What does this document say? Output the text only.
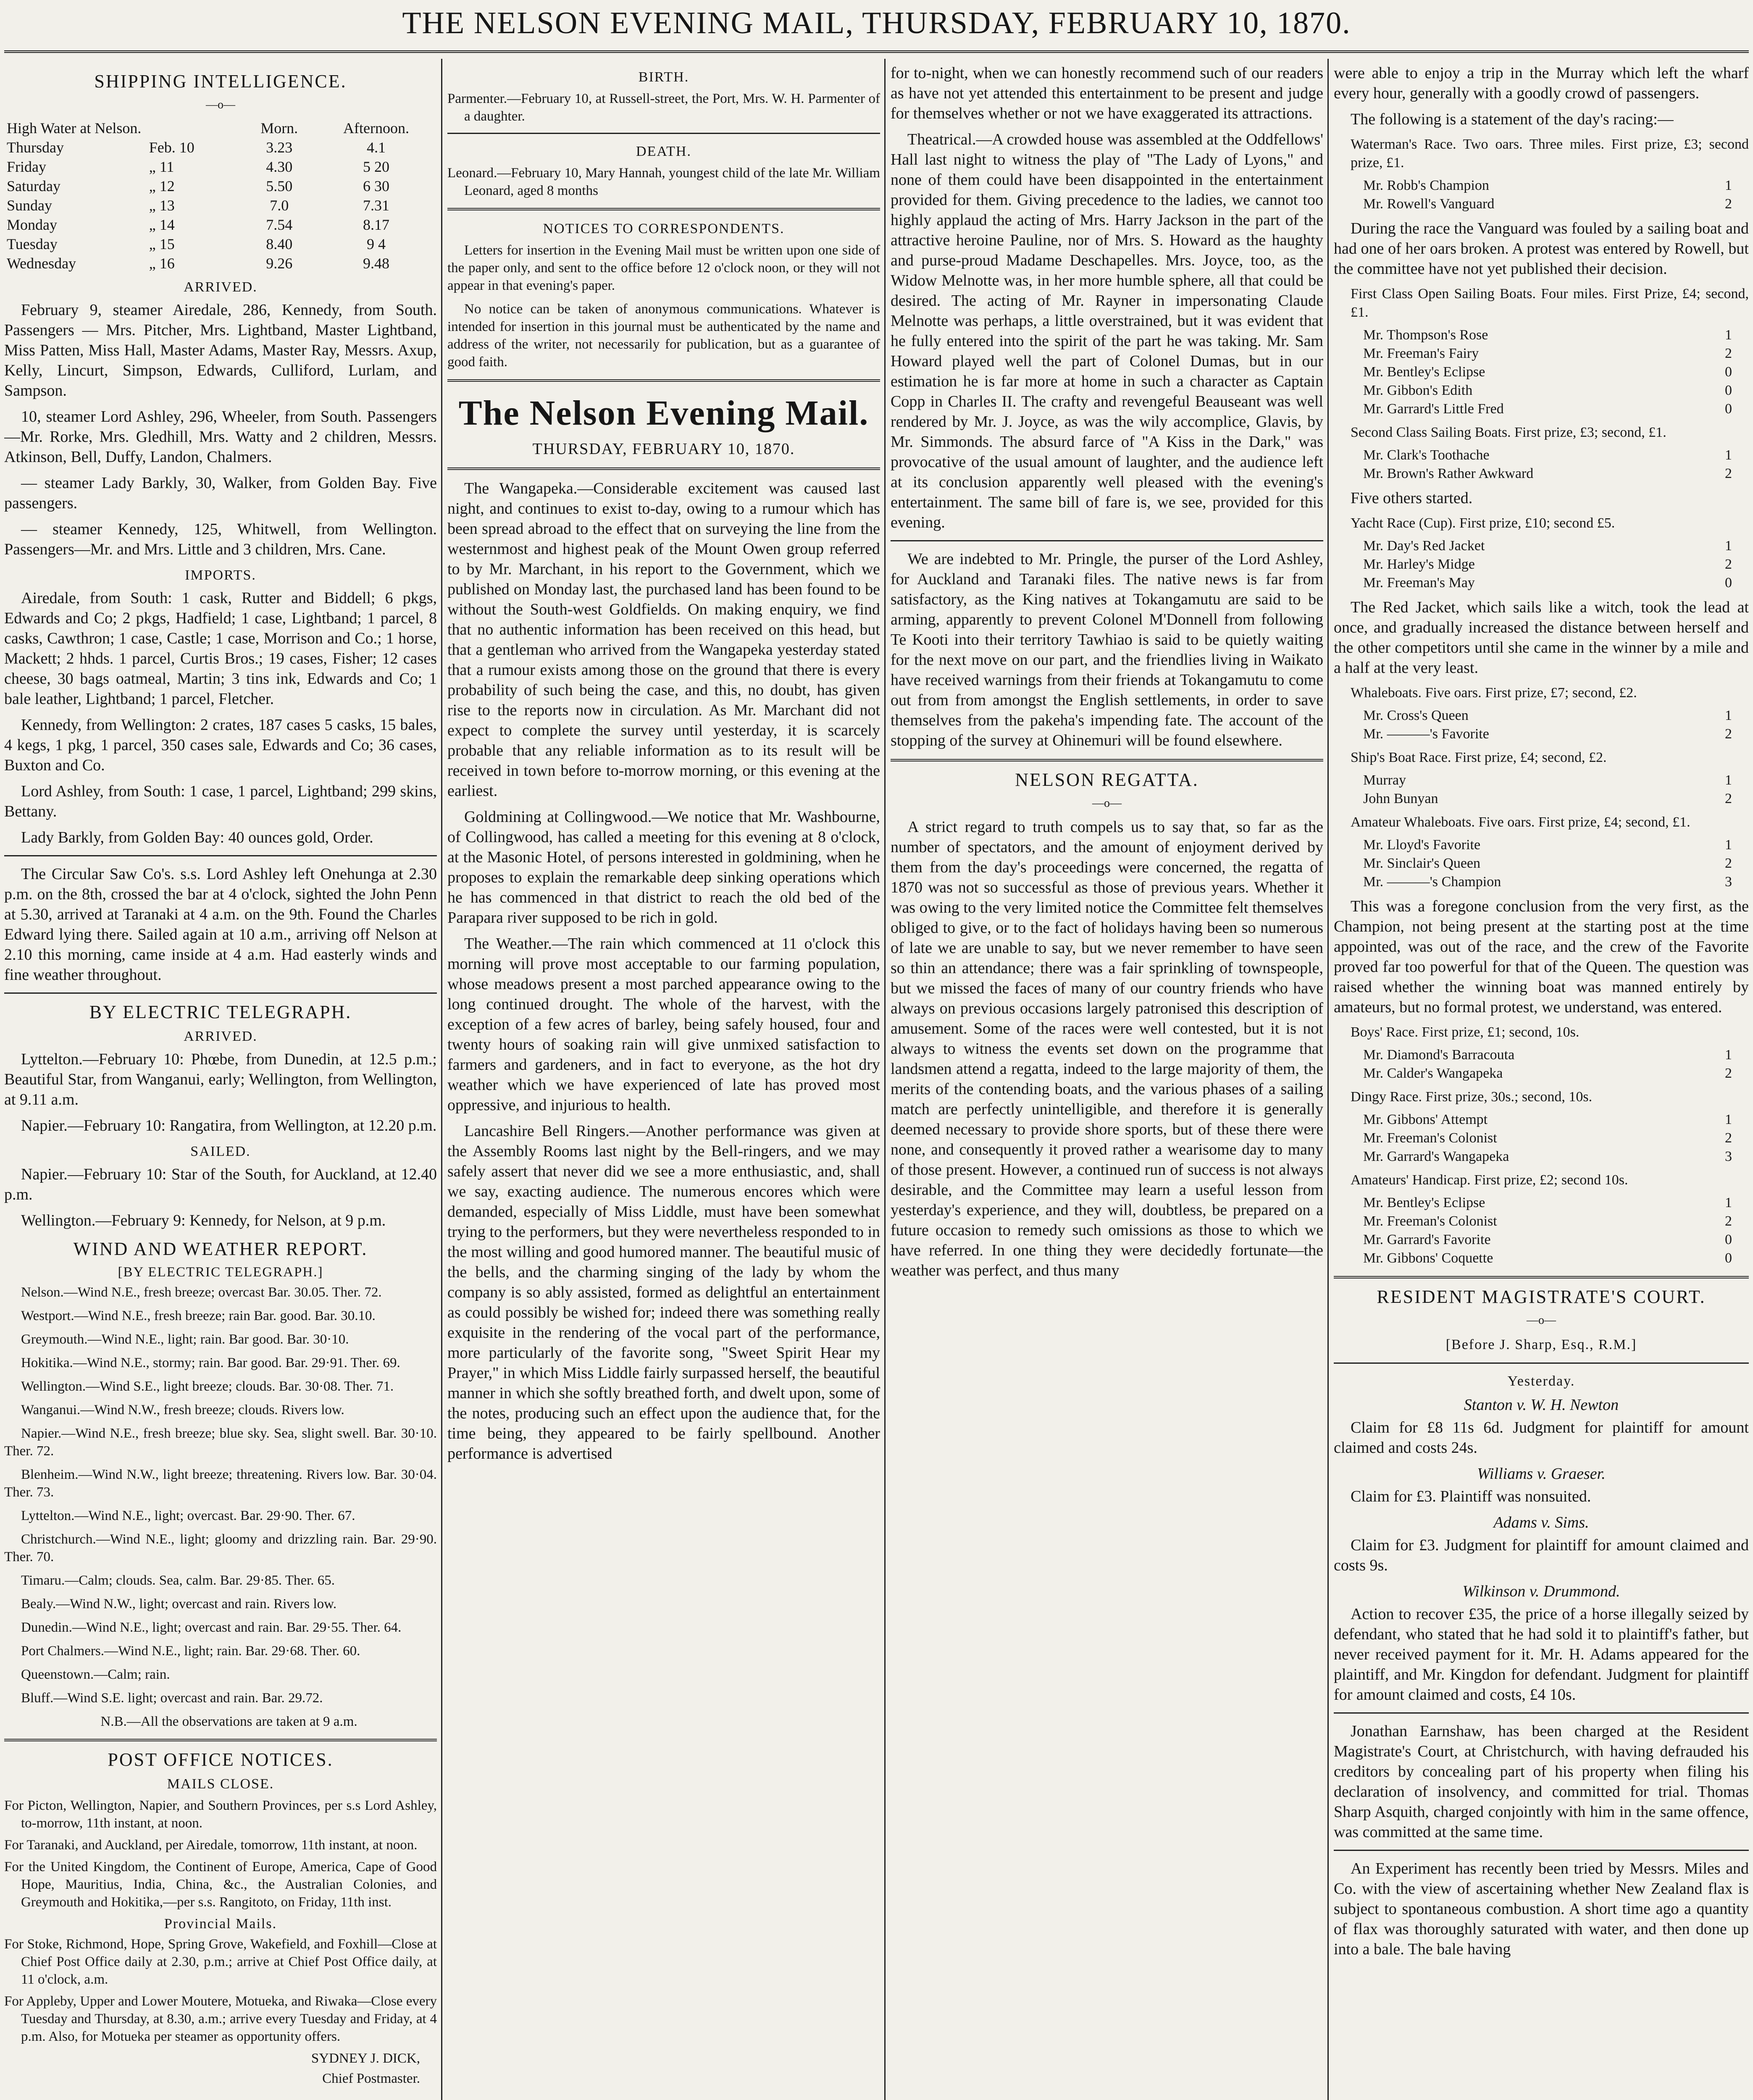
THE NELSON EVENING MAIL, THURSDAY, FEBRUARY 10, 1870.
SHIPPING INTELLIGENCE.
—o—
High Water at Nelson.		Morn.	Afternoon.
Thursday	Feb. 10	3.23	4.1
Friday	„ 11	4.30	5 20
Saturday	„ 12	5.50	6 30
Sunday	„ 13	7.0	7.31
Monday	„ 14	7.54	8.17
Tuesday	„ 15	8.40	9 4
Wednesday	„ 16	9.26	9.48
ARRIVED.

February 9, steamer Airedale, 286, Kennedy, from South. Passengers — Mrs. Pitcher, Mrs. Lightband, Master Lightband, Miss Patten, Miss Hall, Master Adams, Master Ray, Messrs. Axup, Kelly, Lincurt, Simpson, Edwards, Culliford, Lurlam, and Sampson.

10, steamer Lord Ashley, 296, Wheeler, from South. Passengers—Mr. Rorke, Mrs. Gledhill, Mrs. Watty and 2 children, Messrs. Atkinson, Bell, Duffy, Landon, Chalmers.

— steamer Lady Barkly, 30, Walker, from Golden Bay. Five passengers.

— steamer Kennedy, 125, Whitwell, from Wellington. Passengers—Mr. and Mrs. Little and 3 children, Mrs. Cane.

IMPORTS.

Airedale, from South: 1 cask, Rutter and Biddell; 6 pkgs, Edwards and Co; 2 pkgs, Hadfield; 1 case, Lightband; 1 parcel, 8 casks, Cawthron; 1 case, Castle; 1 case, Morrison and Co.; 1 horse, Mackett; 2 hhds. 1 parcel, Curtis Bros.; 19 cases, Fisher; 12 cases cheese, 30 bags oatmeal, Martin; 3 tins ink, Edwards and Co; 1 bale leather, Lightband; 1 parcel, Fletcher.

Kennedy, from Wellington: 2 crates, 187 cases 5 casks, 15 bales, 4 kegs, 1 pkg, 1 parcel, 350 cases sale, Edwards and Co; 36 cases, Buxton and Co.

Lord Ashley, from South: 1 case, 1 parcel, Lightband; 299 skins, Bettany.

Lady Barkly, from Golden Bay: 40 ounces gold, Order.

The Circular Saw Co's. s.s. Lord Ashley left Onehunga at 2.30 p.m. on the 8th, crossed the bar at 4 o'clock, sighted the John Penn at 5.30, arrived at Taranaki at 4 a.m. on the 9th. Found the Charles Edward lying there. Sailed again at 10 a.m., arriving off Nelson at 2.10 this morning, came inside at 4 a.m. Had easterly winds and fine weather throughout.

BY ELECTRIC TELEGRAPH.
ARRIVED.

Lyttelton.—February 10: Phœbe, from Dunedin, at 12.5 p.m.; Beautiful Star, from Wanganui, early; Wellington, from Wellington, at 9.11 a.m.

Napier.—February 10: Rangatira, from Wellington, at 12.20 p.m.

SAILED.

Napier.—February 10: Star of the South, for Auckland, at 12.40 p.m.

Wellington.—February 9: Kennedy, for Nelson, at 9 p.m.

WIND AND WEATHER REPORT.
[BY ELECTRIC TELEGRAPH.]

Nelson.—Wind N.E., fresh breeze; overcast Bar. 30.05. Ther. 72.

Westport.—Wind N.E., fresh breeze; rain Bar. good. Bar. 30.10.

Greymouth.—Wind N.E., light; rain. Bar good. Bar. 30·10.

Hokitika.—Wind N.E., stormy; rain. Bar good. Bar. 29·91. Ther. 69.

Wellington.—Wind S.E., light breeze; clouds. Bar. 30·08. Ther. 71.

Wanganui.—Wind N.W., fresh breeze; clouds. Rivers low.

Napier.—Wind N.E., fresh breeze; blue sky. Sea, slight swell. Bar. 30·10. Ther. 72.

Blenheim.—Wind N.W., light breeze; threatening. Rivers low. Bar. 30·04. Ther. 73.

Lyttelton.—Wind N.E., light; overcast. Bar. 29·90. Ther. 67.

Christchurch.—Wind N.E., light; gloomy and drizzling rain. Bar. 29·90. Ther. 70.

Timaru.—Calm; clouds. Sea, calm. Bar. 29·85. Ther. 65.

Bealy.—Wind N.W., light; overcast and rain. Rivers low.

Dunedin.—Wind N.E., light; overcast and rain. Bar. 29·55. Ther. 64.

Port Chalmers.—Wind N.E., light; rain. Bar. 29·68. Ther. 60.

Queenstown.—Calm; rain.

Bluff.—Wind S.E. light; overcast and rain. Bar. 29.72.

N.B.—All the observations are taken at 9 a.m.

POST OFFICE NOTICES.
MAILS CLOSE.

For Picton, Wellington, Napier, and Southern Provinces, per s.s Lord Ashley, to-morrow, 11th instant, at noon.

For Taranaki, and Auckland, per Airedale, tomorrow, 11th instant, at noon.

For the United Kingdom, the Continent of Europe, America, Cape of Good Hope, Mauritius, India, China, &c., the Australian Colonies, and Greymouth and Hokitika,—per s.s. Rangitoto, on Friday, 11th inst.

Provincial Mails.

For Stoke, Richmond, Hope, Spring Grove, Wakefield, and Foxhill—Close at Chief Post Office daily at 2.30, p.m.; arrive at Chief Post Office daily, at 11 o'clock, a.m.

For Appleby, Upper and Lower Moutere, Motueka, and Riwaka—Close every Tuesday and Thursday, at 8.30, a.m.; arrive every Tuesday and Friday, at 4 p.m. Also, for Motueka per steamer as opportunity offers.

SYDNEY J. DICK,
Chief Postmaster.
BIRTH.

Parmenter.—February 10, at Russell-street, the Port, Mrs. W. H. Parmenter of a daughter.

DEATH.

Leonard.—February 10, Mary Hannah, youngest child of the late Mr. William Leonard, aged 8 months

NOTICES TO CORRESPONDENTS.

Letters for insertion in the Evening Mail must be written upon one side of the paper only, and sent to the office before 12 o'clock noon, or they will not appear in that evening's paper.

No notice can be taken of anonymous communications. Whatever is intended for insertion in this journal must be authenticated by the name and address of the writer, not necessarily for publication, but as a guarantee of good faith.

The Nelson Evening Mail.
THURSDAY, FEBRUARY 10, 1870.

The Wangapeka.—Considerable excitement was caused last night, and continues to exist to-day, owing to a rumour which has been spread abroad to the effect that on surveying the line from the westernmost and highest peak of the Mount Owen group referred to by Mr. Marchant, in his report to the Government, which we published on Monday last, the purchased land has been found to be without the South-west Goldfields. On making enquiry, we find that no authentic information has been received on this head, but that a gentleman who arrived from the Wangapeka yesterday stated that a rumour exists among those on the ground that there is every probability of such being the case, and this, no doubt, has given rise to the reports now in circulation. As Mr. Marchant did not expect to complete the survey until yesterday, it is scarcely probable that any reliable information as to its result will be received in town before to-morrow morning, or this evening at the earliest.

Goldmining at Collingwood.—We notice that Mr. Washbourne, of Collingwood, has called a meeting for this evening at 8 o'clock, at the Masonic Hotel, of persons interested in goldmining, when he proposes to explain the remarkable deep sinking operations which he has commenced in that district to reach the old bed of the Parapara river supposed to be rich in gold.

The Weather.—The rain which commenced at 11 o'clock this morning will prove most acceptable to our farming population, whose meadows present a most parched appearance owing to the long continued drought. The whole of the harvest, with the exception of a few acres of barley, being safely housed, four and twenty hours of soaking rain will give unmixed satisfaction to farmers and gardeners, and in fact to everyone, as the hot dry weather which we have experienced of late has proved most oppressive, and injurious to health.

Lancashire Bell Ringers.—Another performance was given at the Assembly Rooms last night by the Bell-ringers, and we may safely assert that never did we see a more enthusiastic, and, shall we say, exacting audience. The numerous encores which were demanded, especially of Miss Liddle, must have been somewhat trying to the performers, but they were nevertheless responded to in the most willing and good humored manner. The beautiful music of the bells, and the charming singing of the lady by whom the company is so ably assisted, formed as delightful an entertainment as could possibly be wished for; indeed there was something really exquisite in the rendering of the vocal part of the performance, more particularly of the favorite song, "Sweet Spirit Hear my Prayer," in which Miss Liddle fairly surpassed herself, the beautiful manner in which she softly breathed forth, and dwelt upon, some of the notes, producing such an effect upon the audience that, for the time being, they appeared to be fairly spellbound. Another performance is advertised

for to-night, when we can honestly recommend such of our readers as have not yet attended this entertainment to be present and judge for themselves whether or not we have exaggerated its attractions.

Theatrical.—A crowded house was assembled at the Oddfellows' Hall last night to witness the play of "The Lady of Lyons," and none of them could have been disappointed in the entertainment provided for them. Giving precedence to the ladies, we cannot too highly applaud the acting of Mrs. Harry Jackson in the part of the attractive heroine Pauline, nor of Mrs. S. Howard as the haughty and purse-proud Madame Deschapelles. Mrs. Joyce, too, as the Widow Melnotte was, in her more humble sphere, all that could be desired. The acting of Mr. Rayner in impersonating Claude Melnotte was perhaps, a little overstrained, but it was evident that he fully entered into the spirit of the part he was taking. Mr. Sam Howard played well the part of Colonel Dumas, but in our estimation he is far more at home in such a character as Captain Copp in Charles II. The crafty and revengeful Beauseant was well rendered by Mr. J. Joyce, as was the wily accomplice, Glavis, by Mr. Simmonds. The absurd farce of "A Kiss in the Dark," was provocative of the usual amount of laughter, and the audience left at its conclusion apparently well pleased with the evening's entertainment. The same bill of fare is, we see, provided for this evening.

We are indebted to Mr. Pringle, the purser of the Lord Ashley, for Auckland and Taranaki files. The native news is far from satisfactory, as the King natives at Tokangamutu are said to be arming, apparently to prevent Colonel M'Donnell from following Te Kooti into their territory Tawhiao is said to be quietly waiting for the next move on our part, and the friendlies living in Waikato have received warnings from their friends at Tokangamutu to come out from from amongst the English settlements, in order to save themselves from the pakeha's impending fate. The account of the stopping of the survey at Ohinemuri will be found elsewhere.

NELSON REGATTA.
—o—

A strict regard to truth compels us to say that, so far as the number of spectators, and the amount of enjoyment derived by them from the day's proceedings were concerned, the regatta of 1870 was not so successful as those of previous years. Whether it was owing to the very limited notice the Committee felt themselves obliged to give, or to the fact of holidays having been so numerous of late we are unable to say, but we never remember to have seen so thin an attendance; there was a fair sprinkling of townspeople, but we missed the faces of many of our country friends who have always on previous occasions largely patronised this description of amusement. Some of the races were well contested, but it is not always to witness the events set down on the programme that landsmen attend a regatta, indeed to the large majority of them, the merits of the contending boats, and the various phases of a sailing match are perfectly unintelligible, and therefore it is generally deemed necessary to provide shore sports, but of these there were none, and consequently it proved rather a wearisome day to many of those present. However, a continued run of success is not always desirable, and the Committee may learn a useful lesson from yesterday's experience, and they will, doubtless, be prepared on a future occasion to remedy such omissions as those to which we have referred. In one thing they were decidedly fortunate—the weather was perfect, and thus many

were able to enjoy a trip in the Murray which left the wharf every hour, generally with a goodly crowd of passengers.

The following is a statement of the day's racing:—

Waterman's Race. Two oars. Three miles. First prize, £3; second prize, £1.

Mr. Robb's Champion	1
Mr. Rowell's Vanguard	2

During the race the Vanguard was fouled by a sailing boat and had one of her oars broken. A protest was entered by Rowell, but the committee have not yet published their decision.

First Class Open Sailing Boats. Four miles. First Prize, £4; second, £1.

Mr. Thompson's Rose	1
Mr. Freeman's Fairy	2
Mr. Bentley's Eclipse	0
Mr. Gibbon's Edith	0
Mr. Garrard's Little Fred	0

Second Class Sailing Boats. First prize, £3; second, £1.

Mr. Clark's Toothache	1
Mr. Brown's Rather Awkward	2

Five others started.

Yacht Race (Cup). First prize, £10; second £5.

Mr. Day's Red Jacket	1
Mr. Harley's Midge	2
Mr. Freeman's May	0

The Red Jacket, which sails like a witch, took the lead at once, and gradually increased the distance between herself and the other competitors until she came in the winner by a mile and a half at the very least.

Whaleboats. Five oars. First prize, £7; second, £2.

Mr. Cross's Queen	1
Mr. ———'s Favorite	2

Ship's Boat Race. First prize, £4; second, £2.

Murray	1
John Bunyan	2

Amateur Whaleboats. Five oars. First prize, £4; second, £1.

Mr. Lloyd's Favorite	1
Mr. Sinclair's Queen	2
Mr. ———'s Champion	3

This was a foregone conclusion from the very first, as the Champion, not being present at the starting post at the time appointed, was out of the race, and the crew of the Favorite proved far too powerful for that of the Queen. The question was raised whether the winning boat was manned entirely by amateurs, but no formal protest, we understand, was entered.

Boys' Race. First prize, £1; second, 10s.

Mr. Diamond's Barracouta	1
Mr. Calder's Wangapeka	2

Dingy Race. First prize, 30s.; second, 10s.

Mr. Gibbons' Attempt	1
Mr. Freeman's Colonist	2
Mr. Garrard's Wangapeka	3

Amateurs' Handicap. First prize, £2; second 10s.

Mr. Bentley's Eclipse	1
Mr. Freeman's Colonist	2
Mr. Garrard's Favorite	0
Mr. Gibbons' Coquette	0
RESIDENT MAGISTRATE'S COURT.
—o—
[Before J. Sharp, Esq., R.M.]
Yesterday.

Stanton v. W. H. Newton

Claim for £8 11s 6d. Judgment for plaintiff for amount claimed and costs 24s.

Williams v. Graeser.

Claim for £3. Plaintiff was nonsuited.

Adams v. Sims.

Claim for £3. Judgment for plaintiff for amount claimed and costs 9s.

Wilkinson v. Drummond.

Action to recover £35, the price of a horse illegally seized by defendant, who stated that he had sold it to plaintiff's father, but never received payment for it. Mr. H. Adams appeared for the plaintiff, and Mr. Kingdon for defendant. Judgment for plaintiff for amount claimed and costs, £4 10s.

Jonathan Earnshaw, has been charged at the Resident Magistrate's Court, at Christchurch, with having defrauded his creditors by concealing part of his property when filing his declaration of insolvency, and committed for trial. Thomas Sharp Asquith, charged conjointly with him in the same offence, was committed at the same time.

An Experiment has recently been tried by Messrs. Miles and Co. with the view of ascertaining whether New Zealand flax is subject to spontaneous combustion. A short time ago a quantity of flax was thoroughly saturated with water, and then done up into a bale. The bale having
